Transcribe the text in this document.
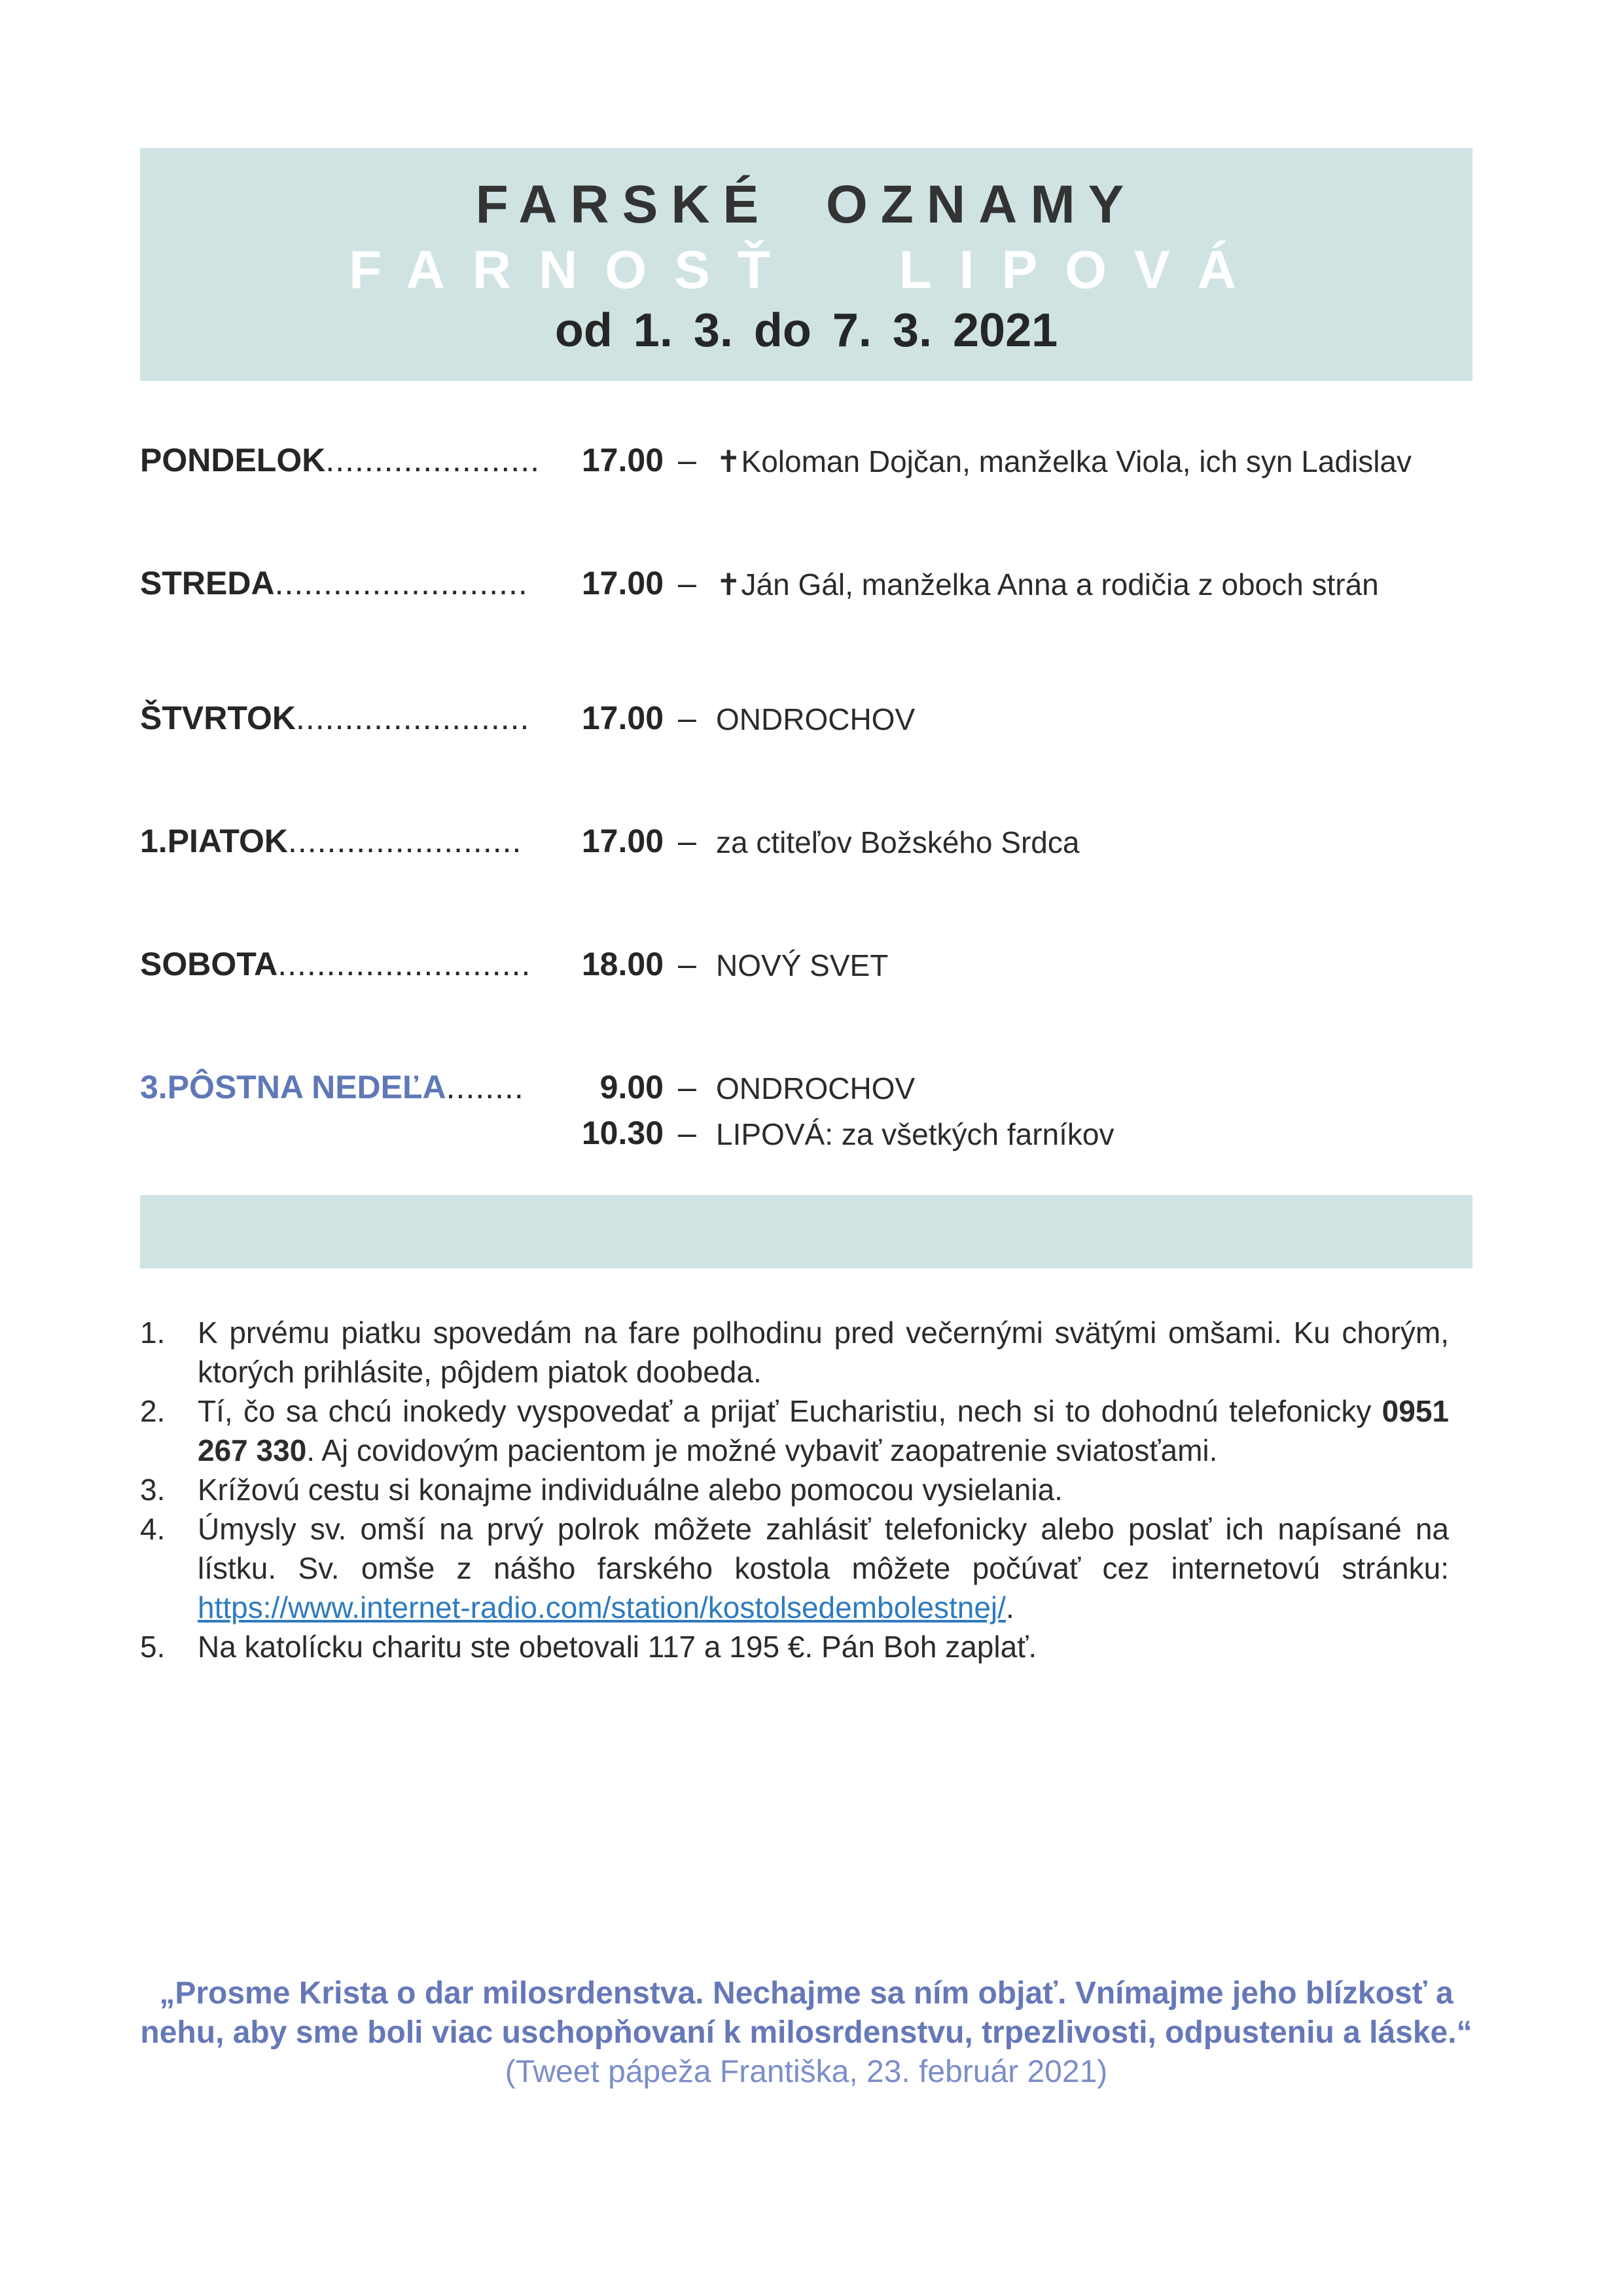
FARSKÉ OZNAMY
FARNOSŤ LIPOVÁ
od 1. 3. do 7. 3. 2021
PONDELOK......................	17.00 – ✝Koloman Dojčan, manželka Viola, ich syn Ladislav
STREDA..........................	17.00 – ✝Ján Gál, manželka Anna a rodičia z oboch strán
ŠTVRTOK........................	17.00 – ONDROCHOV
1.PIATOK........................	17.00 – za ctiteľov Božského Srdca
SOBOTA..........................	18.00 – NOVÝ SVET
3.PÔSTNA NEDEĽA........	9.00 – ONDROCHOV
10.30 – LIPOVÁ: za všetkých farníkov
1. K prvému piatku spovedám na fare polhodinu pred večernými svätými omšami. Ku chorým, ktorých prihlásite, pôjdem piatok doobeda.
2. Tí, čo sa chcú inokedy vyspovedať a prijať Eucharistiu, nech si to dohodnú telefonicky 0951 267 330. Aj covidovým pacientom je možné vybaviť zaopatrenie sviatosťami.
3. Krížovú cestu si konajme individuálne alebo pomocou vysielania.
4. Úmysly sv. omší na prvý polrok môžete zahlásiť telefonicky alebo poslať ich napísané na lístku. Sv. omše z nášho farského kostola môžete počúvať cez internetovú stránku: https://www.internet-radio.com/station/kostolsedembolestnej/.
5. Na katolícku charitu ste obetovali 117 a 195 €. Pán Boh zaplať.
„Prosme Krista o dar milosrdenstva. Nechajme sa ním objať. Vnímajme jeho blízkosť a
nehu, aby sme boli viac uschopňovaní k milosrdenstvu, trpezlivosti, odpusteniu a láske.“
(Tweet pápeža Františka, 23. február 2021)
